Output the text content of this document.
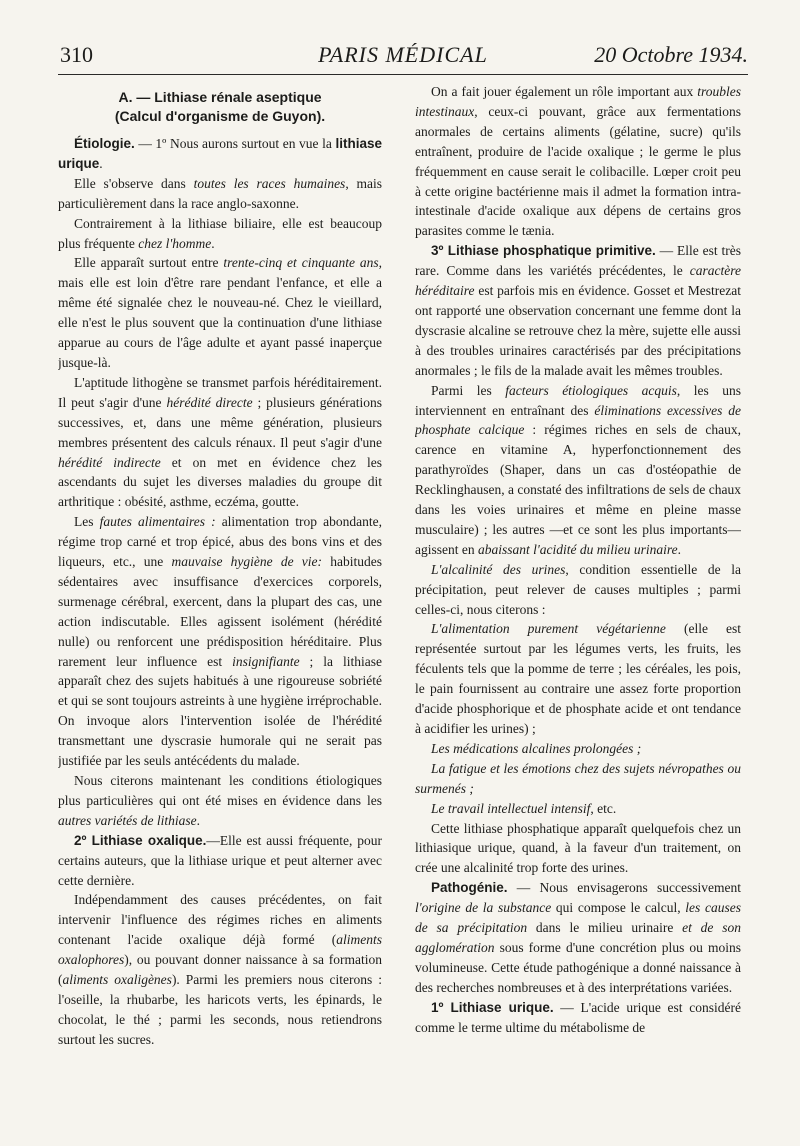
310	PARIS MÉDICAL	20 Octobre 1934.
A. — Lithiase rénale aseptique
(Calcul d'organisme de Guyon).

Étiologie. — 1º Nous aurons surtout en vue la lithiase urique.

Elle s'observe dans toutes les races humaines, mais particulièrement dans la race anglo-saxonne.

Contrairement à la lithiase biliaire, elle est beaucoup plus fréquente chez l'homme.

Elle apparaît surtout entre trente-cinq et cinquante ans, mais elle est loin d'être rare pendant l'enfance, et elle a même été signalée chez le nouveau-né. Chez le vieillard, elle n'est le plus souvent que la continuation d'une lithiase apparue au cours de l'âge adulte et ayant passé inaperçue jusque-là.

L'aptitude lithogène se transmet parfois héréditairement. Il peut s'agir d'une hérédité directe ; plusieurs générations successives, et, dans une même génération, plusieurs membres présentent des calculs rénaux. Il peut s'agir d'une hérédité indirecte et on met en évidence chez les ascendants du sujet les diverses maladies du groupe dit arthritique : obésité, asthme, eczéma, goutte.

Les fautes alimentaires : alimentation trop abondante, régime trop carné et trop épicé, abus des bons vins et des liqueurs, etc., une mauvaise hygiène de vie: habitudes sédentaires avec insuffisance d'exercices corporels, surmenage cérébral, exercent, dans la plupart des cas, une action indiscutable. Elles agissent isolément (hérédité nulle) ou renforcent une prédisposition héréditaire. Plus rarement leur influence est insignifiante ; la lithiase apparaît chez des sujets habitués à une rigoureuse sobriété et qui se sont toujours astreints à une hygiène irréprochable. On invoque alors l'intervention isolée de l'hérédité transmettant une dyscrasie humorale qui ne serait pas justifiée par les seuls antécédents du malade.

Nous citerons maintenant les conditions étiologiques plus particulières qui ont été mises en évidence dans les autres variétés de lithiase.

2º Lithiase oxalique.—Elle est aussi fréquente, pour certains auteurs, que la lithiase urique et peut alterner avec cette dernière.

Indépendamment des causes précédentes, on fait intervenir l'influence des régimes riches en aliments contenant l'acide oxalique déjà formé (aliments oxalophores), ou pouvant donner naissance à sa formation (aliments oxaligènes). Parmi les premiers nous citerons : l'oseille, la rhubarbe, les haricots verts, les épinards, le chocolat, le thé ; parmi les seconds, nous retiendrons surtout les sucres.

On a fait jouer également un rôle important aux troubles intestinaux, ceux-ci pouvant, grâce aux fermentations anormales de certains aliments (gélatine, sucre) qu'ils entraînent, produire de l'acide oxalique ; le germe le plus fréquemment en cause serait le colibacille. Lœper croit peu à cette origine bactérienne mais il admet la formation intra-intestinale d'acide oxalique aux dépens de certains gros parasites comme le tænia.

3º Lithiase phosphatique primitive. — Elle est très rare. Comme dans les variétés précédentes, le caractère héréditaire est parfois mis en évidence. Gosset et Mestrezat ont rapporté une observation concernant une femme dont la dyscrasie alcaline se retrouve chez la mère, sujette elle aussi à des troubles urinaires caractérisés par des précipitations anormales ; le fils de la malade avait les mêmes troubles.

Parmi les facteurs étiologiques acquis, les uns interviennent en entraînant des éliminations excessives de phosphate calcique : régimes riches en sels de chaux, carence en vitamine A, hyperfonctionnement des parathyroïdes (Shaper, dans un cas d'ostéopathie de Recklinghausen, a constaté des infiltrations de sels de chaux dans les voies urinaires et même en pleine masse musculaire) ; les autres —et ce sont les plus importants— agissent en abaissant l'acidité du milieu urinaire.

L'alcalinité des urines, condition essentielle de la précipitation, peut relever de causes multiples ; parmi celles-ci, nous citerons :

L'alimentation purement végétarienne (elle est représentée surtout par les légumes verts, les fruits, les féculents tels que la pomme de terre ; les céréales, les pois, le pain fournissent au contraire une assez forte proportion d'acide phosphorique et de phosphate acide et ont tendance à acidifier les urines) ;

Les médications alcalines prolongées ;

La fatigue et les émotions chez des sujets névropathes ou surmenés ;

Le travail intellectuel intensif, etc.

Cette lithiase phosphatique apparaît quelquefois chez un lithiasique urique, quand, à la faveur d'un traitement, on crée une alcalinité trop forte des urines.

Pathogénie. — Nous envisagerons successivement l'origine de la substance qui compose le calcul, les causes de sa précipitation dans le milieu urinaire et de son agglomération sous forme d'une concrétion plus ou moins volumineuse. Cette étude pathogénique a donné naissance à des recherches nombreuses et à des interprétations variées.

1º Lithiase urique. — L'acide urique est considéré comme le terme ultime du métabolisme de
